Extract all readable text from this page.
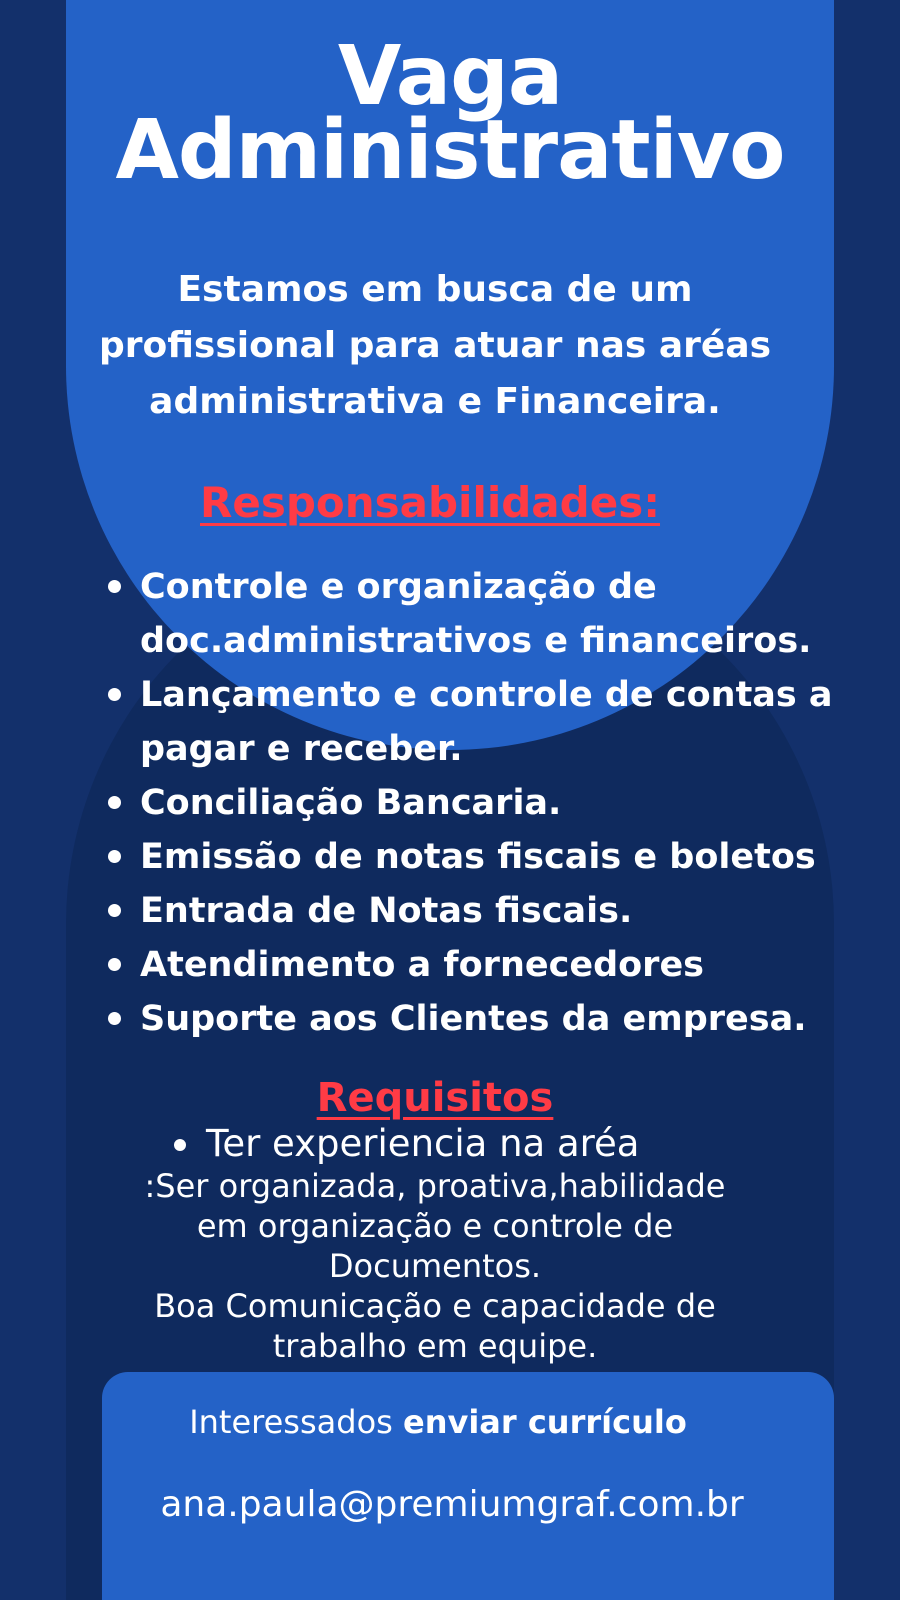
Vaga
Administrativo

Estamos em busca de um
profissional para atuar nas aréas
administrativa e Financeira.

Responsabilidades:
Controle e organização de
doc.administrativos e financeiros.
Lançamento e controle de contas a
pagar e receber.
Conciliação Bancaria.
Emissão de notas fiscais e boletos
Entrada de Notas fiscais.
Atendimento a fornecedores
Suporte aos Clientes da empresa.
Requisitos

Ter experiencia na aréa

:Ser organizada, proativa,habilidade
em organização e controle de
Documentos.
Boa Comunicação e capacidade de
trabalho em equipe.

Interessados enviar currículo

ana.paula@premiumgraf.com.br
